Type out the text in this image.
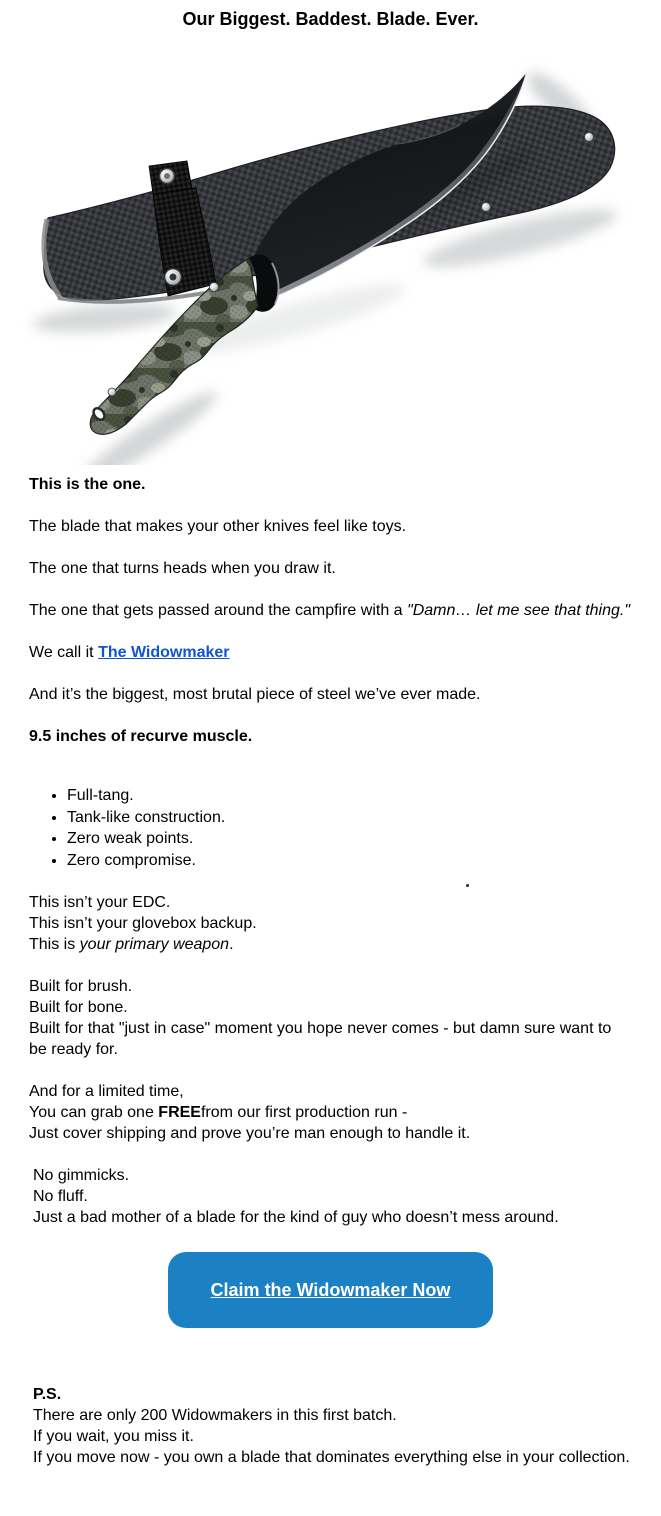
Our Biggest. Baddest. Blade. Ever.

This is the one.

The blade that makes your other knives feel like toys.

The one that turns heads when you draw it.

The one that gets passed around the campfire with a "Damn… let me see that thing."

We call it The Widowmaker

And it’s the biggest, most brutal piece of steel we’ve ever made.

9.5 inches of recurve muscle.

• Full-tang.
• Tank-like construction.
• Zero weak points.
• Zero compromise.

This isn’t your EDC.
This isn’t your glovebox backup.
This is your primary weapon.

Built for brush.
Built for bone.
Built for that "just in case" moment you hope never comes - but damn sure want to be ready for.

And for a limited time,
You can grab one FREEfrom our first production run -
Just cover shipping and prove you’re man enough to handle it.

No gimmicks.
No fluff.
Just a bad mother of a blade for the kind of guy who doesn’t mess around.

Claim the Widowmaker Now
P.S.
There are only 200 Widowmakers in this first batch.
If you wait, you miss it.
If you move now - you own a blade that dominates everything else in your collection.
